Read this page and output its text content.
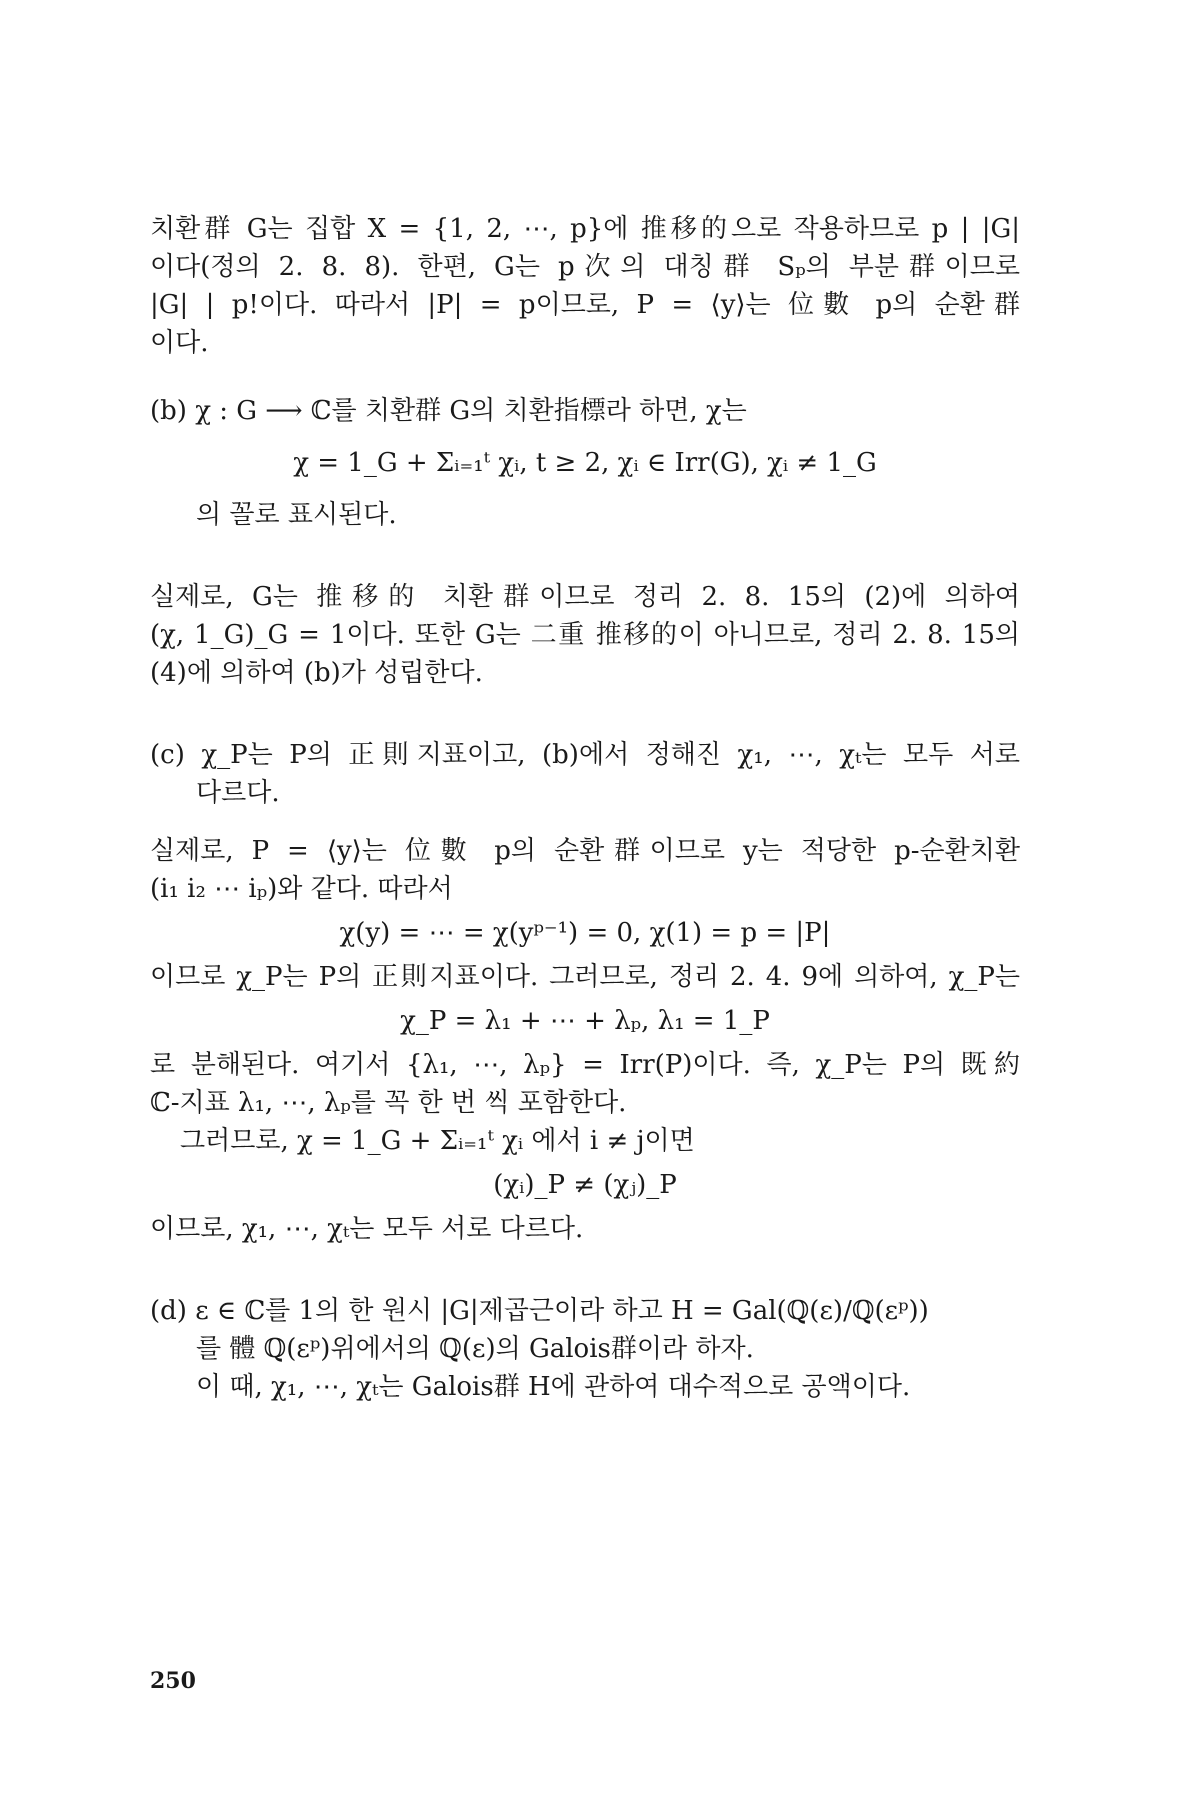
치환群 G는 집합 X = {1, 2, ⋯, p}에 推移的으로 작용하므로 p | |G|
이다(정의 2. 8. 8). 한편, G는 p次의 대칭群 Sₚ의 부분群이므로
|G| | p!이다. 따라서 |P| = p이므로, P = ⟨y⟩는 位數 p의 순환群
이다.
(b) χ : G ⟶ ℂ를 치환群 G의 치환指標라 하면, χ는
χ = 1_G + Σᵢ₌₁ᵗ χᵢ, t ≥ 2, χᵢ ∈ Irr(G), χᵢ ≠ 1_G
의 꼴로 표시된다.
실제로, G는 推移的 치환群이므로 정리 2. 8. 15의 (2)에 의하여
(χ, 1_G)_G = 1이다. 또한 G는 二重 推移的이 아니므로, 정리 2. 8. 15의
(4)에 의하여 (b)가 성립한다.
(c) χ_P는 P의 正則지표이고, (b)에서 정해진 χ₁, ⋯, χₜ는 모두 서로
다르다.
실제로, P = ⟨y⟩는 位數 p의 순환群이므로 y는 적당한 p-순환치환
(i₁ i₂ ⋯ iₚ)와 같다. 따라서
χ(y) = ⋯ = χ(yᵖ⁻¹) = 0, χ(1) = p = |P|
이므로 χ_P는 P의 正則지표이다. 그러므로, 정리 2. 4. 9에 의하여, χ_P는
χ_P = λ₁ + ⋯ + λₚ, λ₁ = 1_P
로 분해된다. 여기서 {λ₁, ⋯, λₚ} = Irr(P)이다. 즉, χ_P는 P의 既約
ℂ-지표 λ₁, ⋯, λₚ를 꼭 한 번 씩 포함한다.
그러므로, χ = 1_G + Σᵢ₌₁ᵗ χᵢ 에서 i ≠ j이면
(χᵢ)_P ≠ (χⱼ)_P
이므로, χ₁, ⋯, χₜ는 모두 서로 다르다.
(d) ε ∈ ℂ를 1의 한 원시 |G|제곱근이라 하고 H = Gal(ℚ(ε)/ℚ(εᵖ))
를 體 ℚ(εᵖ)위에서의 ℚ(ε)의 Galois群이라 하자.
이 때, χ₁, ⋯, χₜ는 Galois群 H에 관하여 대수적으로 공액이다.
250
